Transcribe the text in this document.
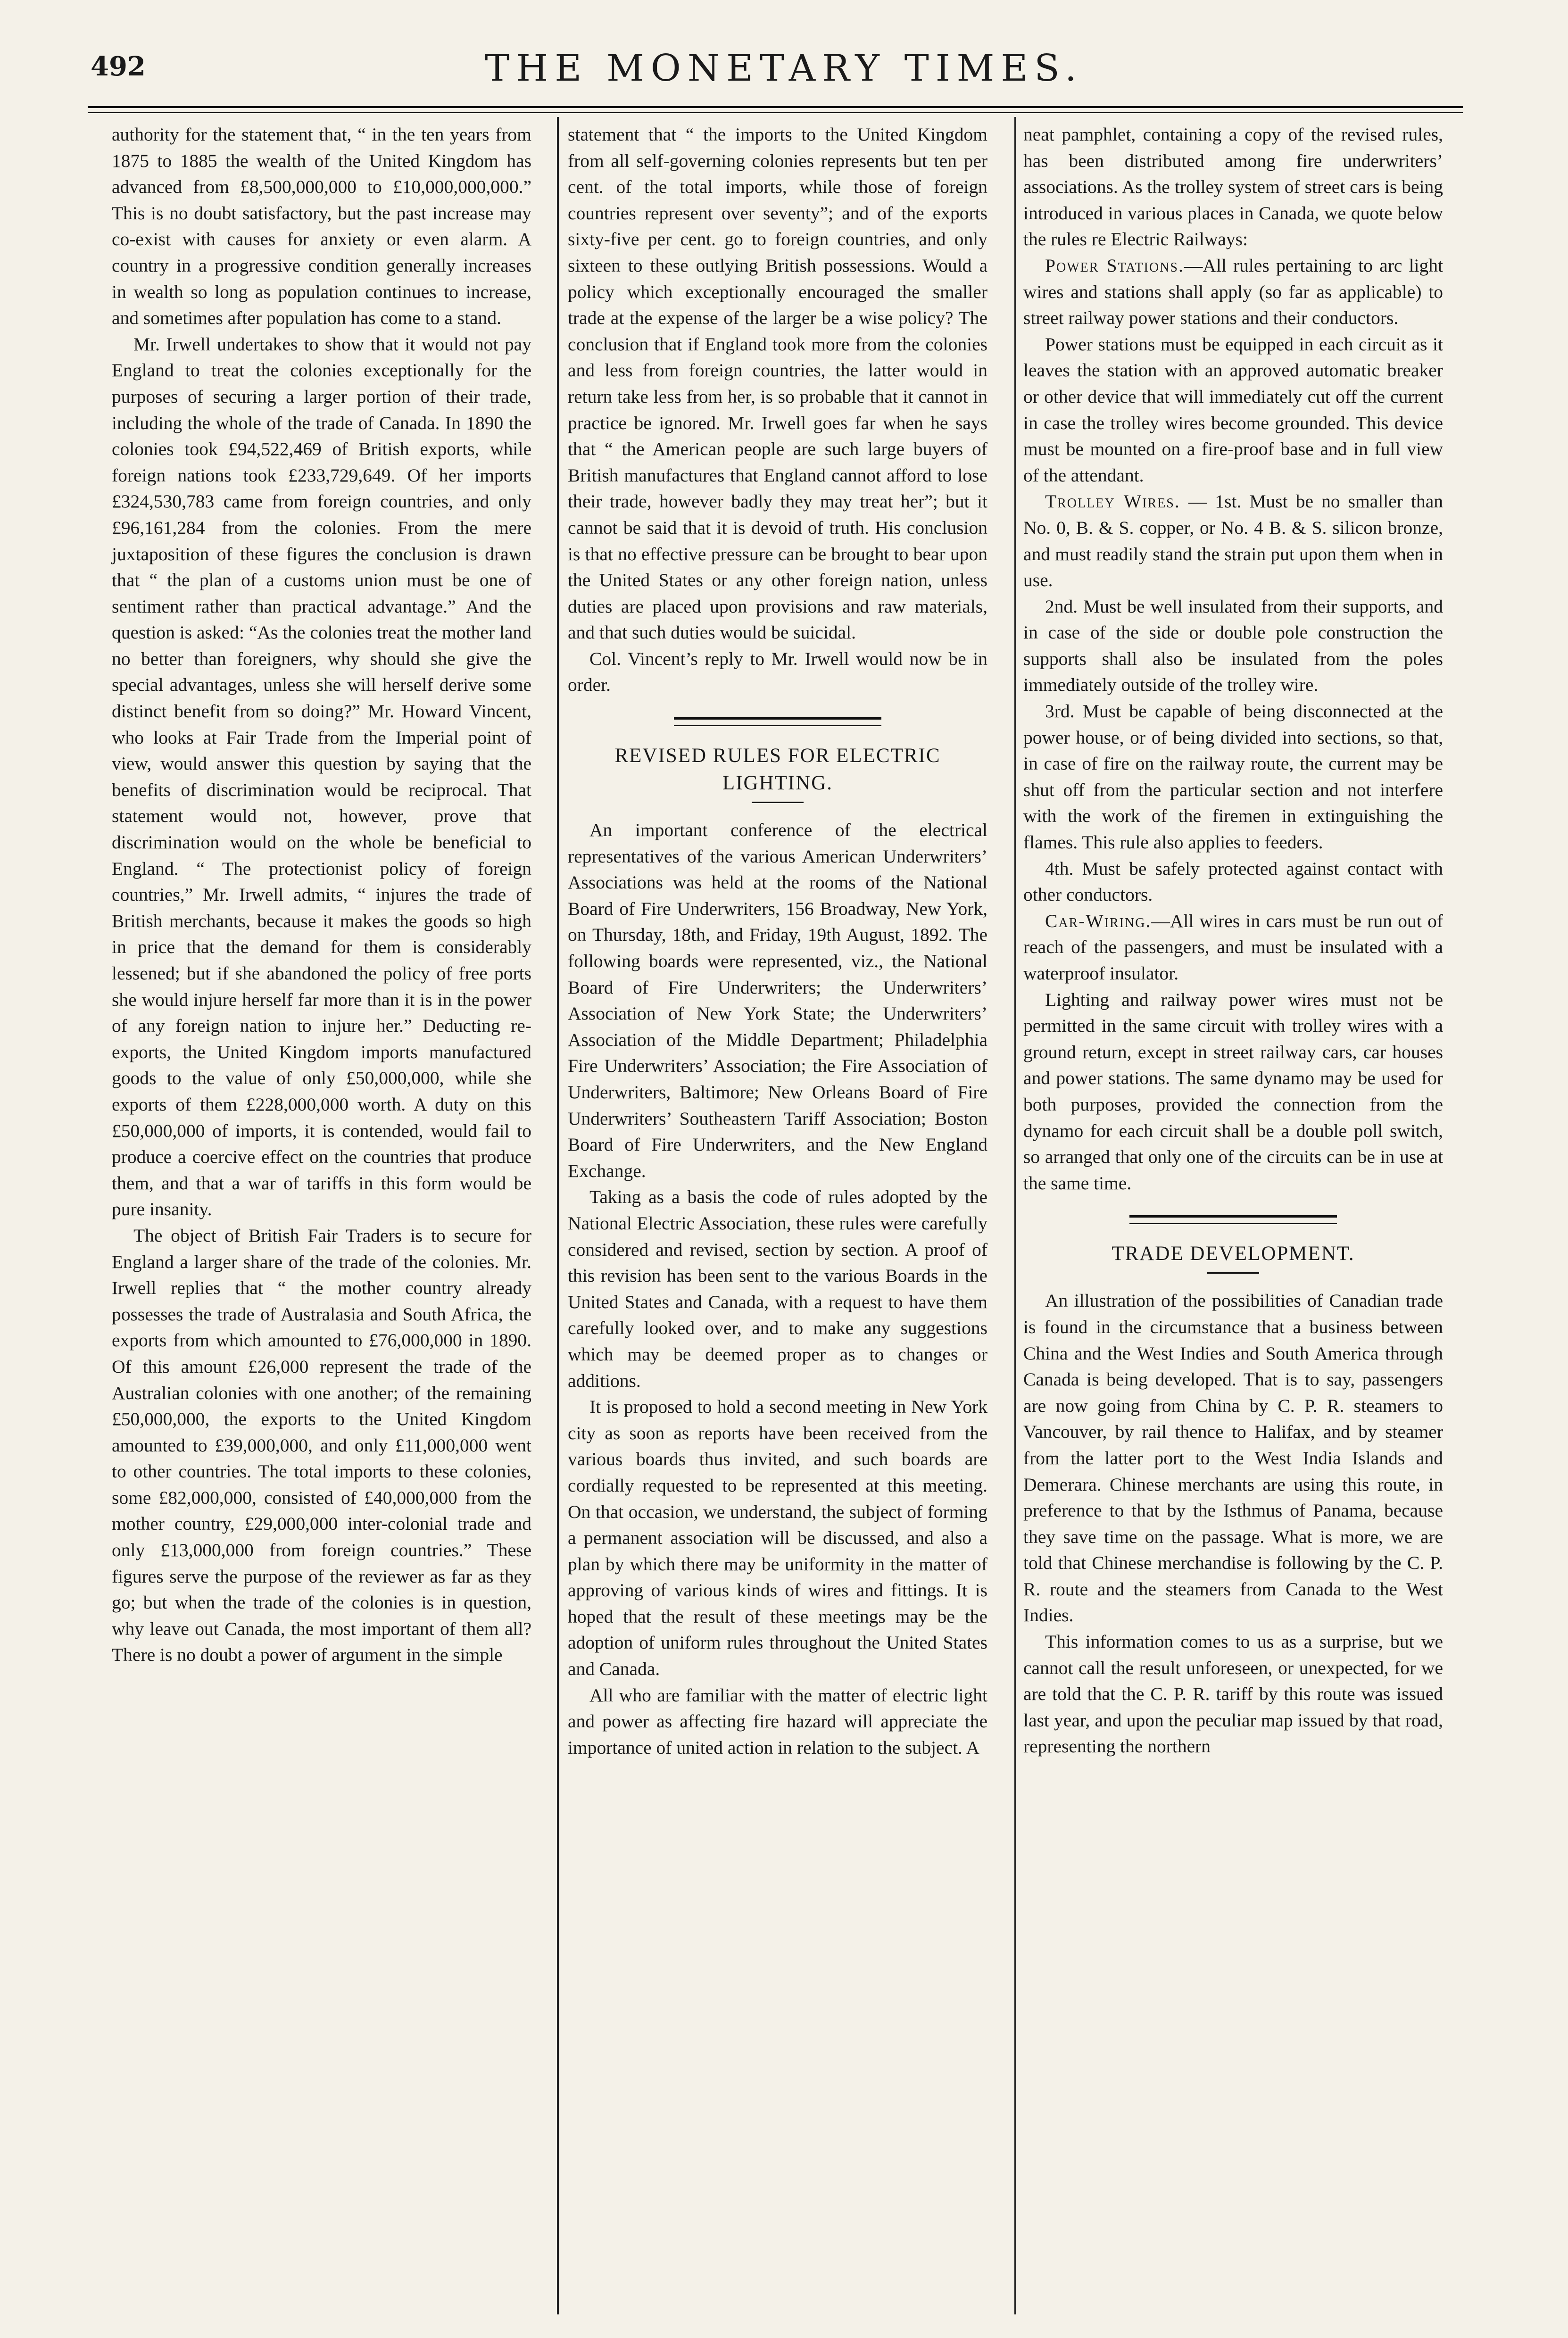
492	THE MONETARY TIMES.

authority for the statement that, “ in the ten years from 1875 to 1885 the wealth of the United Kingdom has advanced from £8,500,000,000 to £10,000,000,000.” This is no doubt satisfactory, but the past increase may co-exist with causes for anxiety or even alarm. A country in a progressive condition generally increases in wealth so long as population continues to increase, and sometimes after population has come to a stand.

Mr. Irwell undertakes to show that it would not pay England to treat the colonies exceptionally for the purposes of securing a larger portion of their trade, including the whole of the trade of Canada. In 1890 the colonies took £94,522,469 of British exports, while foreign nations took £233,729,649. Of her imports £324,530,783 came from foreign countries, and only £96,161,284 from the colonies. From the mere juxtaposition of these figures the conclusion is drawn that “ the plan of a customs union must be one of sentiment rather than practical advantage.” And the question is asked: “As the colonies treat the mother land no better than foreigners, why should she give the special advantages, unless she will herself derive some distinct benefit from so doing?” Mr. Howard Vincent, who looks at Fair Trade from the Imperial point of view, would answer this question by saying that the benefits of discrimination would be reciprocal. That statement would not, however, prove that discrimination would on the whole be beneficial to England. “ The protectionist policy of foreign countries,” Mr. Irwell admits, “ injures the trade of British merchants, because it makes the goods so high in price that the demand for them is considerably lessened; but if she abandoned the policy of free ports she would injure herself far more than it is in the power of any foreign nation to injure her.” Deducting re-exports, the United Kingdom imports manufactured goods to the value of only £50,000,000, while she exports of them £228,000,000 worth. A duty on this £50,000,000 of imports, it is contended, would fail to produce a coercive effect on the countries that produce them, and that a war of tariffs in this form would be pure insanity.

The object of British Fair Traders is to secure for England a larger share of the trade of the colonies. Mr. Irwell replies that “ the mother country already possesses the trade of Australasia and South Africa, the exports from which amounted to £76,000,000 in 1890. Of this amount £26,000 represent the trade of the Australian colonies with one another; of the remaining £50,000,000, the exports to the United Kingdom amounted to £39,000,000, and only £11,000,000 went to other countries. The total imports to these colonies, some £82,000,000, consisted of £40,000,000 from the mother country, £29,000,000 inter-colonial trade and only £13,000,000 from foreign countries.” These figures serve the purpose of the reviewer as far as they go; but when the trade of the colonies is in question, why leave out Canada, the most important of them all? There is no doubt a power of argument in the simple

statement that “ the imports to the United Kingdom from all self-governing colonies represents but ten per cent. of the total imports, while those of foreign countries represent over seventy”; and of the exports sixty-five per cent. go to foreign countries, and only sixteen to these outlying British possessions. Would a policy which exceptionally encouraged the smaller trade at the expense of the larger be a wise policy? The conclusion that if England took more from the colonies and less from foreign countries, the latter would in return take less from her, is so probable that it cannot in practice be ignored. Mr. Irwell goes far when he says that “ the American people are such large buyers of British manufactures that England cannot afford to lose their trade, however badly they may treat her”; but it cannot be said that it is devoid of truth. His conclusion is that no effective pressure can be brought to bear upon the United States or any other foreign nation, unless duties are placed upon provisions and raw materials, and that such duties would be suicidal.

Col. Vincent’s reply to Mr. Irwell would now be in order.

REVISED RULES FOR ELECTRIC LIGHTING.

An important conference of the electrical representatives of the various American Underwriters’ Associations was held at the rooms of the National Board of Fire Underwriters, 156 Broadway, New York, on Thursday, 18th, and Friday, 19th August, 1892. The following boards were represented, viz., the National Board of Fire Underwriters; the Underwriters’ Association of New York State; the Underwriters’ Association of the Middle Department; Philadelphia Fire Underwriters’ Association; the Fire Association of Underwriters, Baltimore; New Orleans Board of Fire Underwriters’ Southeastern Tariff Association; Boston Board of Fire Underwriters, and the New England Exchange.

Taking as a basis the code of rules adopted by the National Electric Association, these rules were carefully considered and revised, section by section. A proof of this revision has been sent to the various Boards in the United States and Canada, with a request to have them carefully looked over, and to make any suggestions which may be deemed proper as to changes or additions.

It is proposed to hold a second meeting in New York city as soon as reports have been received from the various boards thus invited, and such boards are cordially requested to be represented at this meeting. On that occasion, we understand, the subject of forming a permanent association will be discussed, and also a plan by which there may be uniformity in the matter of approving of various kinds of wires and fittings. It is hoped that the result of these meetings may be the adoption of uniform rules throughout the United States and Canada.

All who are familiar with the matter of electric light and power as affecting fire hazard will appreciate the importance of united action in relation to the subject. A

neat pamphlet, containing a copy of the revised rules, has been distributed among fire underwriters’ associations. As the trolley system of street cars is being introduced in various places in Canada, we quote below the rules re Electric Railways:

Power Stations.—All rules pertaining to arc light wires and stations shall apply (so far as applicable) to street railway power stations and their conductors.

Power stations must be equipped in each circuit as it leaves the station with an approved automatic breaker or other device that will immediately cut off the current in case the trolley wires become grounded. This device must be mounted on a fire-proof base and in full view of the attendant.

Trolley Wires. — 1st. Must be no smaller than No. 0, B. & S. copper, or No. 4 B. & S. silicon bronze, and must readily stand the strain put upon them when in use.

2nd. Must be well insulated from their supports, and in case of the side or double pole construction the supports shall also be insulated from the poles immediately outside of the trolley wire.

3rd. Must be capable of being disconnected at the power house, or of being divided into sections, so that, in case of fire on the railway route, the current may be shut off from the particular section and not interfere with the work of the firemen in extinguishing the flames. This rule also applies to feeders.

4th. Must be safely protected against contact with other conductors.

Car-Wiring.—All wires in cars must be run out of reach of the passengers, and must be insulated with a waterproof insulator.

Lighting and railway power wires must not be permitted in the same circuit with trolley wires with a ground return, except in street railway cars, car houses and power stations. The same dynamo may be used for both purposes, provided the connection from the dynamo for each circuit shall be a double poll switch, so arranged that only one of the circuits can be in use at the same time.

TRADE DEVELOPMENT.

An illustration of the possibilities of Canadian trade is found in the circumstance that a business between China and the West Indies and South America through Canada is being developed. That is to say, passengers are now going from China by C. P. R. steamers to Vancouver, by rail thence to Halifax, and by steamer from the latter port to the West India Islands and Demerara. Chinese merchants are using this route, in preference to that by the Isthmus of Panama, because they save time on the passage. What is more, we are told that Chinese merchandise is following by the C. P. R. route and the steamers from Canada to the West Indies.

This information comes to us as a surprise, but we cannot call the result unforeseen, or unexpected, for we are told that the C. P. R. tariff by this route was issued last year, and upon the peculiar map issued by that road, representing the northern
